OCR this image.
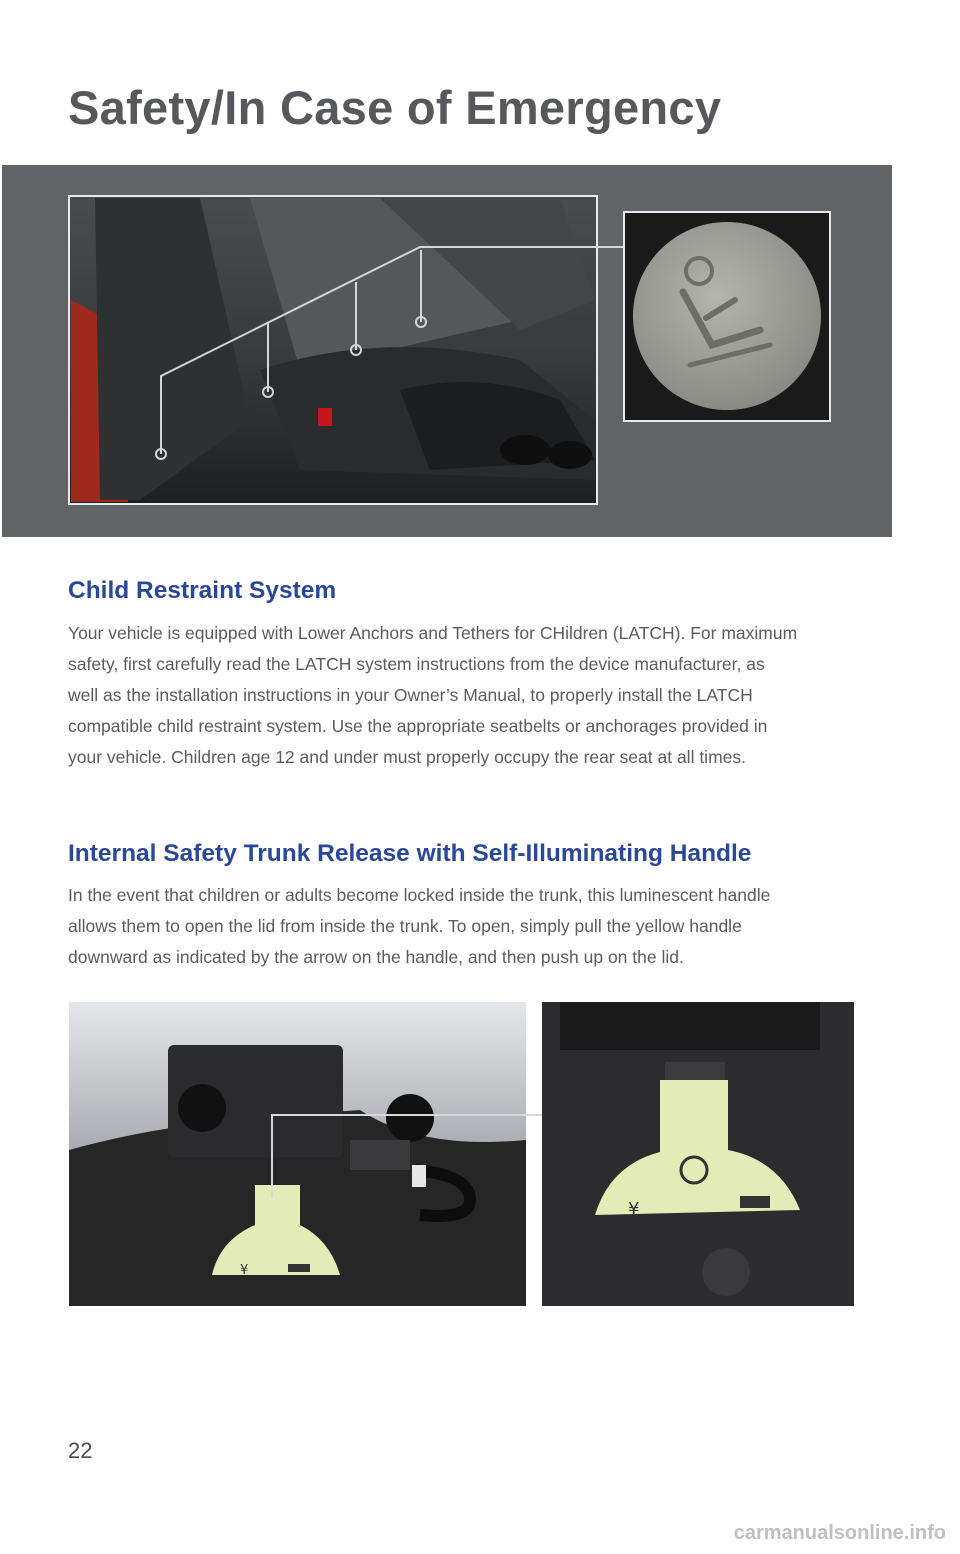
Safety/In Case of Emergency
¥
¥
Child Restraint System
Your vehicle is equipped with Lower Anchors and Tethers for CHildren (LATCH). For maximum
safety, first carefully read the LATCH system instructions from the device manufacturer, as
well as the installation instructions in your Owner’s Manual, to properly install the LATCH
compatible child restraint system. Use the appropriate seatbelts or anchorages provided in
your vehicle. Children age 12 and under must properly occupy the rear seat at all times.
Internal Safety Trunk Release with Self-Illuminating Handle
In the event that children or adults become locked inside the trunk, this luminescent handle
allows them to open the lid from inside the trunk. To open, simply pull the yellow handle
downward as indicated by the arrow on the handle, and then push up on the lid.
22
carmanualsonline.info
